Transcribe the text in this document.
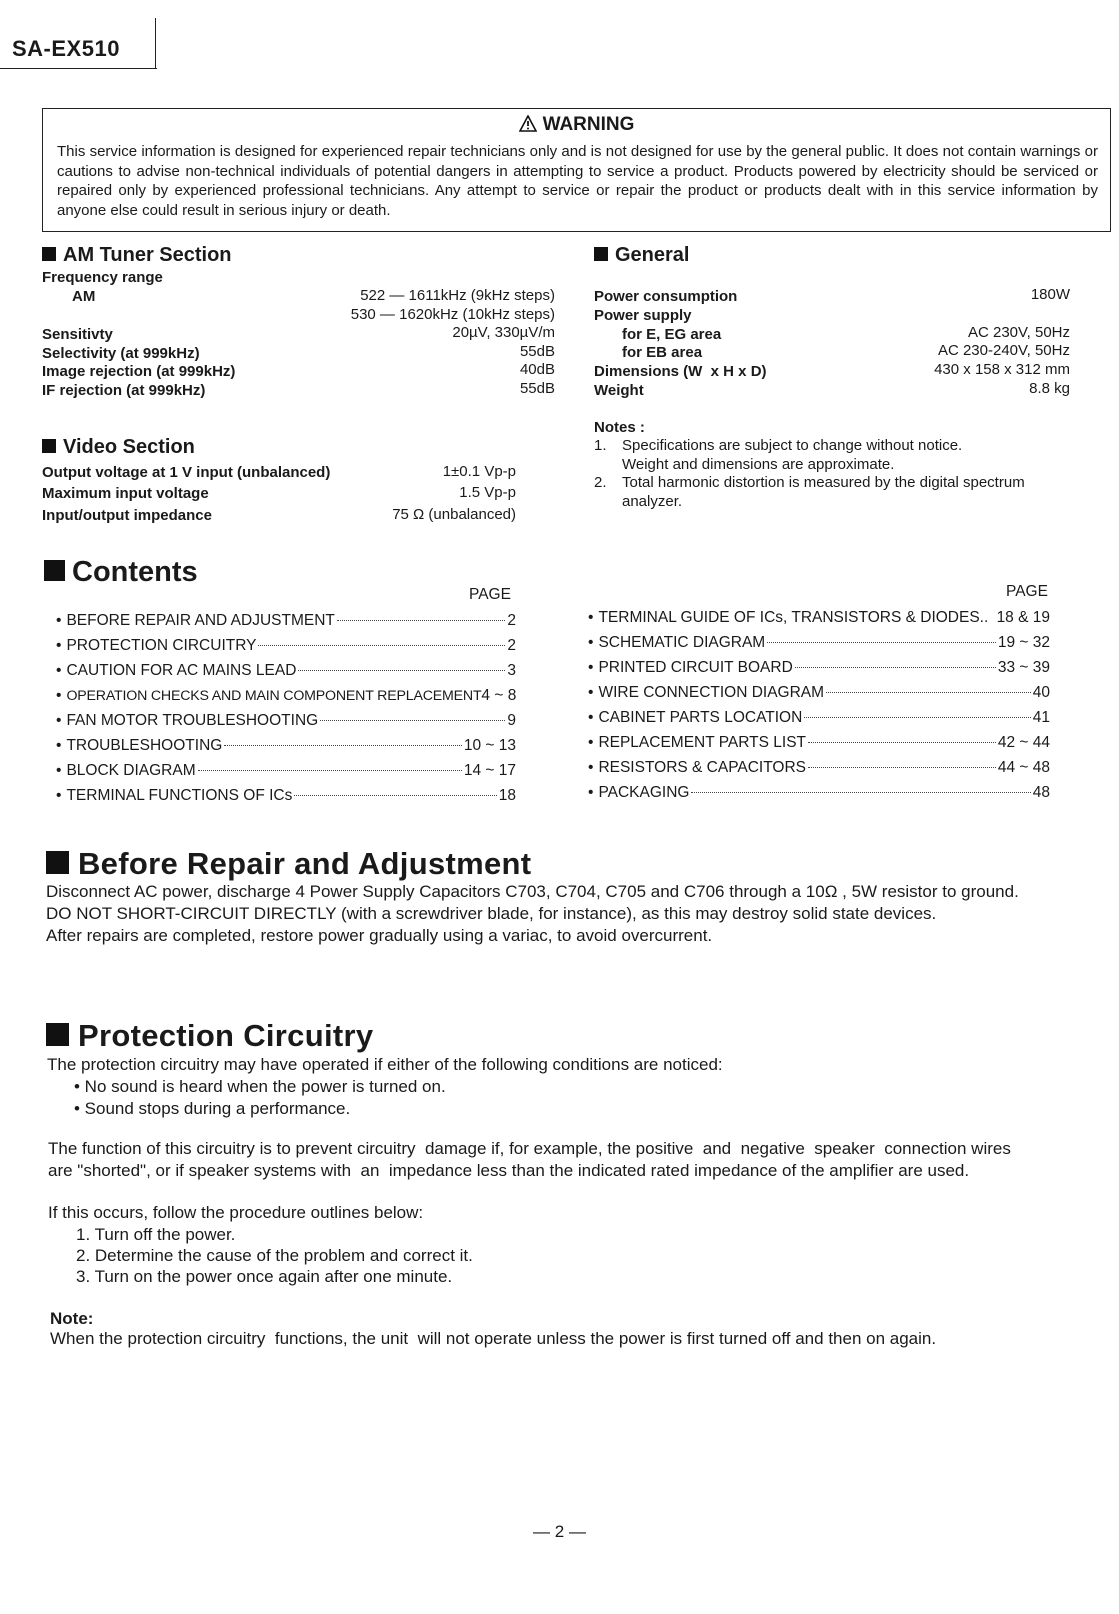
SA-EX510
WARNING
This service information is designed for experienced repair technicians only and is not designed for use by the general public. It does not contain warnings or cautions to advise non-technical individuals of potential dangers in attempting to service a product. Products powered by electricity should be serviced or repaired only by experienced professional technicians. Any attempt to service or repair the product or products dealt with in this service information by anyone else could result in serious injury or death.
AM Tuner Section
Frequency range
AM	522 — 1611kHz (9kHz steps)
530 — 1620kHz (10kHz steps)
Sensitivty	20µV, 330µV/m
Selectivity (at 999kHz)	55dB
Image rejection (at 999kHz)	40dB
IF rejection (at 999kHz)	55dB
General
Power consumption	180W
Power supply
for E, EG area	AC 230V, 50Hz
for EB area	AC 230-240V, 50Hz
Dimensions (W  x H x D)	430 x 158 x 312 mm
Weight	8.8 kg
Notes :
1. Specifications are subject to change without notice.
Weight and dimensions are approximate.
2. Total harmonic distortion is measured by the digital spectrum
analyzer.
Video Section
Output voltage at 1 V input (unbalanced)	1±0.1 Vp-p
Maximum input voltage	1.5 Vp-p
Input/output impedance	75 Ω (unbalanced)
Contents
PAGE	PAGE
• BEFORE REPAIR AND ADJUSTMENT	2
• PROTECTION CIRCUITRY	2
• CAUTION FOR AC MAINS LEAD	3
• OPERATION CHECKS AND MAIN COMPONENT REPLACEMENT 4 ~ 8
• FAN MOTOR TROUBLESHOOTING	9
• TROUBLESHOOTING	10 ~ 13
• BLOCK DIAGRAM	14 ~ 17
• TERMINAL FUNCTIONS OF ICs	18
• TERMINAL GUIDE OF ICs, TRANSISTORS & DIODES.. 18 & 19
• SCHEMATIC DIAGRAM	19 ~ 32
• PRINTED CIRCUIT BOARD	33 ~ 39
• WIRE CONNECTION DIAGRAM	40
• CABINET PARTS LOCATION	41
• REPLACEMENT PARTS LIST	42 ~ 44
• RESISTORS & CAPACITORS	44 ~ 48
• PACKAGING	48
Before Repair and Adjustment
Disconnect AC power, discharge 4 Power Supply Capacitors C703, C704, C705 and C706 through a 10Ω , 5W resistor to ground.
DO NOT SHORT-CIRCUIT DIRECTLY (with a screwdriver blade, for instance), as this may destroy solid state devices.
After repairs are completed, restore power gradually using a variac, to avoid overcurrent.
Protection Circuitry
The protection circuitry may have operated if either of the following conditions are noticed:
• No sound is heard when the power is turned on.
• Sound stops during a performance.
The function of this circuitry is to prevent circuitry  damage if, for example, the positive  and  negative  speaker  connection wires
are "shorted", or if speaker systems with  an  impedance less than the indicated rated impedance of the amplifier are used.
If this occurs, follow the procedure outlines below:
1. Turn off the power.
2. Determine the cause of the problem and correct it.
3. Turn on the power once again after one minute.
Note:
When the protection circuitry  functions, the unit  will not operate unless the power is first turned off and then on again.
— 2 —
